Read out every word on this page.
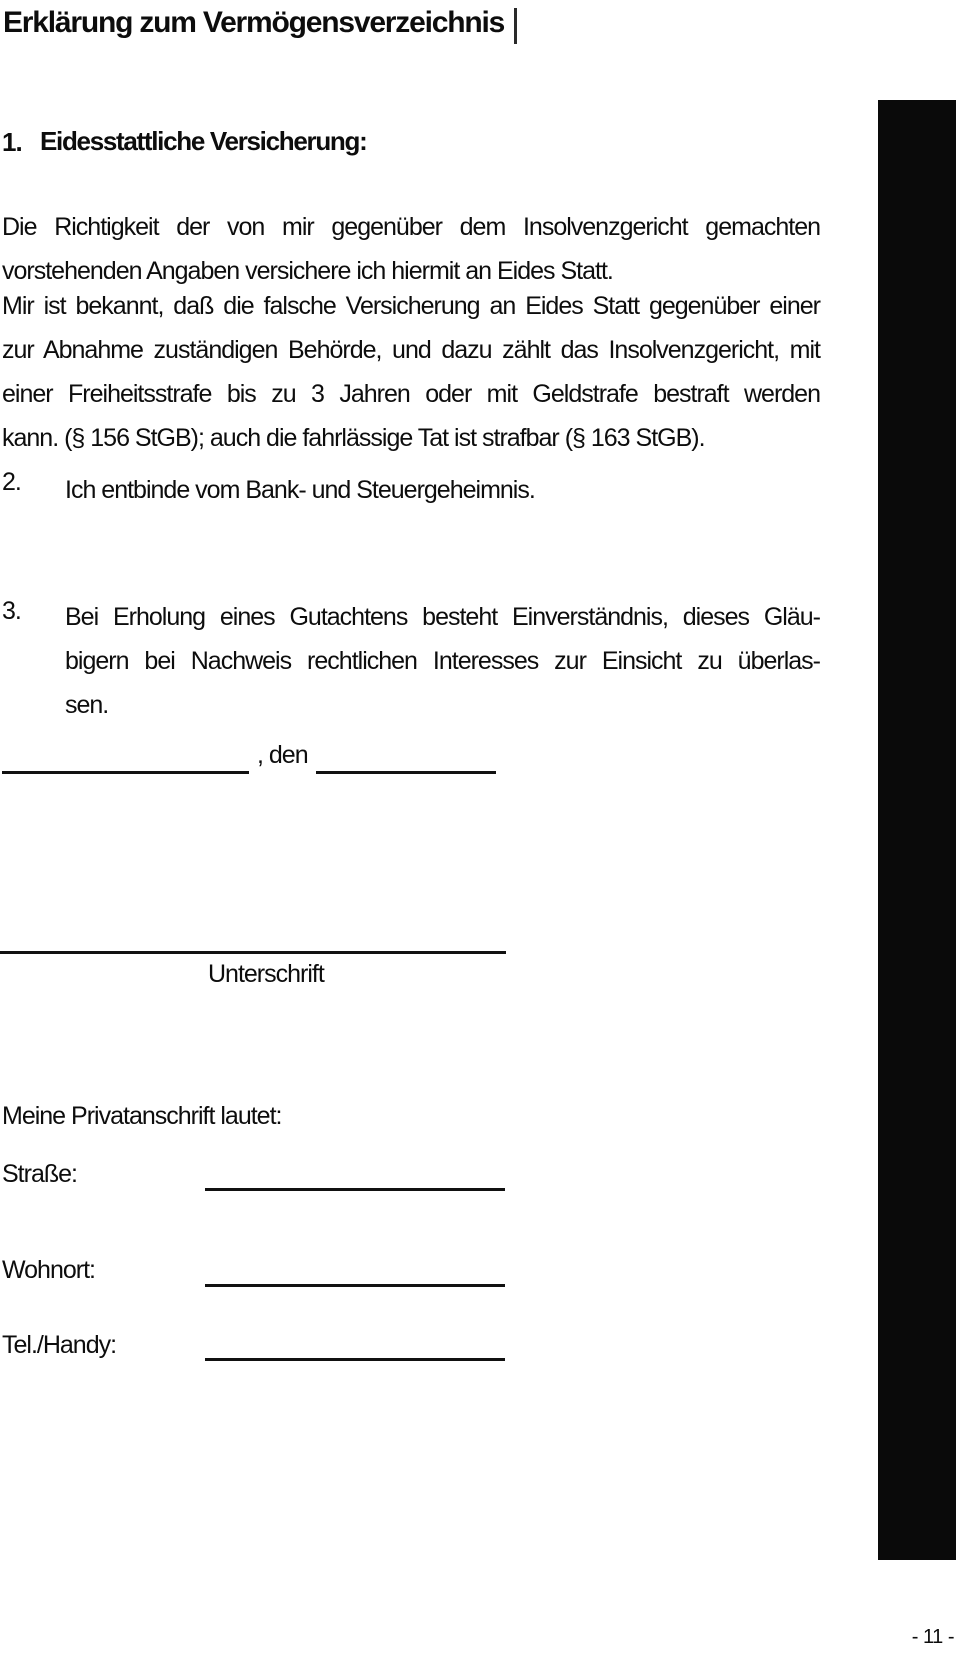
Erklärung zum Vermögensverzeichnis
1. Eidesstattliche Versicherung:
Die Richtigkeit der von mir gegenüber dem Insolvenzgericht gemachten
vorstehenden Angaben versichere ich hiermit an Eides Statt.
Mir ist bekannt, daß die falsche Versicherung an Eides Statt gegenüber einer
zur Abnahme zuständigen Behörde, und dazu zählt das Insolvenzgericht, mit
einer Freiheitsstrafe bis zu 3 Jahren oder mit Geldstrafe bestraft werden
kann. (§ 156 StGB); auch die fahrlässige Tat ist strafbar (§ 163 StGB).
2. Ich entbinde vom Bank- und Steuergeheimnis.
3. Bei Erholung eines Gutachtens besteht Einverständnis, dieses Gläu-
bigern bei Nachweis rechtlichen Interesses zur Einsicht zu überlas-
sen.
, den
Unterschrift
Meine Privatanschrift lautet:
Straße:
Wohnort:
Tel./Handy:
- 11 -
